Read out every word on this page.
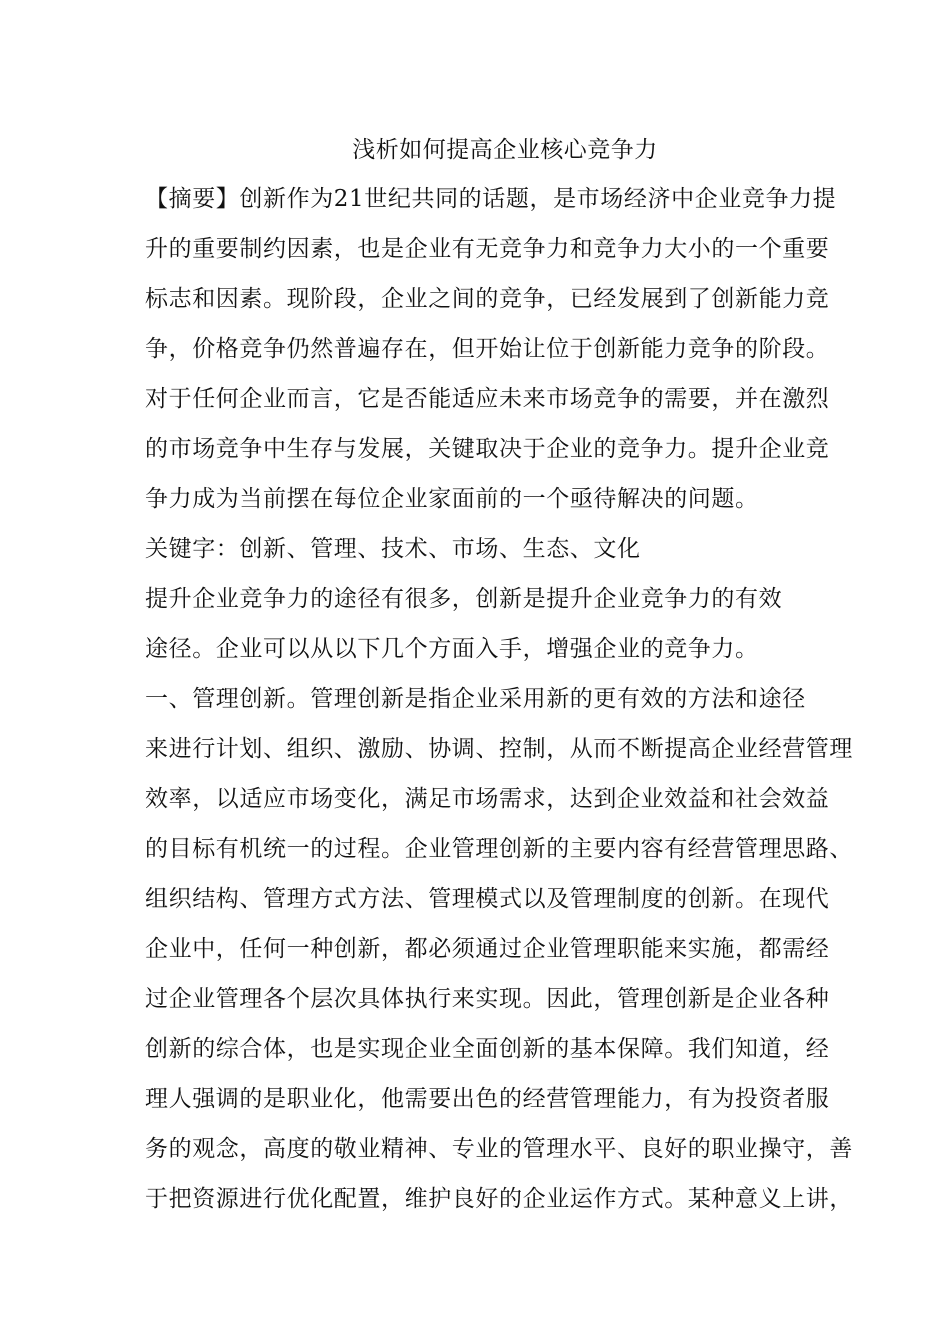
浅析如何提高企业核心竞争力
【摘要】创新作为21世纪共同的话题，是市场经济中企业竞争力提
升的重要制约因素，也是企业有无竞争力和竞争力大小的一个重要
标志和因素。现阶段，企业之间的竞争，已经发展到了创新能力竞
争，价格竞争仍然普遍存在，但开始让位于创新能力竞争的阶段。
对于任何企业而言，它是否能适应未来市场竞争的需要，并在激烈
的市场竞争中生存与发展，关键取决于企业的竞争力。提升企业竞
争力成为当前摆在每位企业家面前的一个亟待解决的问题。
关键字：创新、管理、技术、市场、生态、文化
提升企业竞争力的途径有很多，创新是提升企业竞争力的有效
途径。企业可以从以下几个方面入手，增强企业的竞争力。
一、管理创新。管理创新是指企业采用新的更有效的方法和途径
来进行计划、组织、激励、协调、控制，从而不断提高企业经营管理
效率，以适应市场变化，满足市场需求，达到企业效益和社会效益
的目标有机统一的过程。企业管理创新的主要内容有经营管理思路、
组织结构、管理方式方法、管理模式以及管理制度的创新。在现代
企业中，任何一种创新，都必须通过企业管理职能来实施，都需经
过企业管理各个层次具体执行来实现。因此，管理创新是企业各种
创新的综合体，也是实现企业全面创新的基本保障。我们知道，经
理人强调的是职业化，他需要出色的经营管理能力，有为投资者服
务的观念，高度的敬业精神、专业的管理水平、良好的职业操守，善
于把资源进行优化配置，维护良好的企业运作方式。某种意义上讲，
